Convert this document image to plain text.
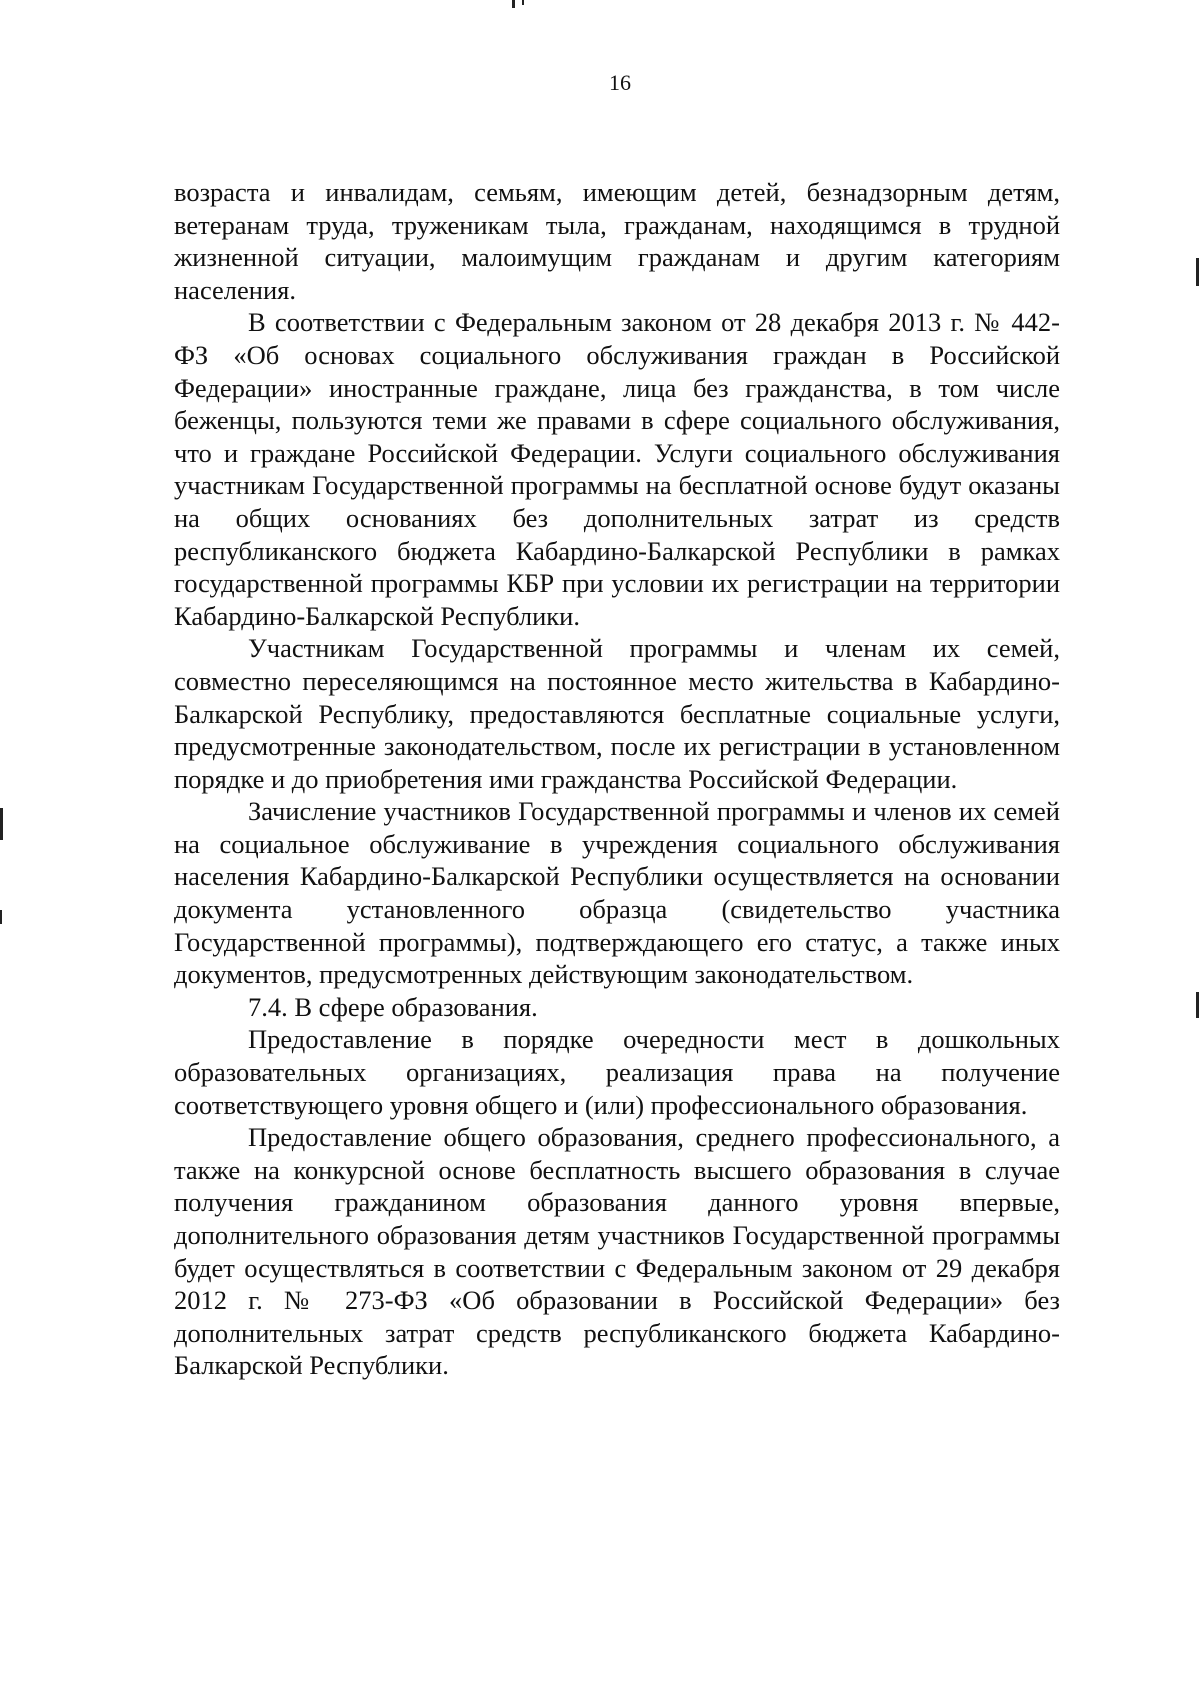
16

возраста и инвалидам, семьям, имеющим детей, безнадзорным детям, ветеранам труда, труженикам тыла, гражданам, находящимся в трудной жизненной ситуации, малоимущим гражданам и другим категориям населения.

В соответствии с Федеральным законом от 28 декабря 2013 г. № 442-ФЗ «Об основах социального обслуживания граждан в Российской Федерации» иностранные граждане, лица без гражданства, в том числе беженцы, пользуются теми же правами в сфере социального обслуживания, что и граждане Российской Федерации. Услуги социального обслуживания участникам Государственной программы на бесплатной основе будут оказаны на общих основаниях без дополнительных затрат из средств республиканского бюджета Кабардино-Балкарской Республики в рамках государственной программы КБР при условии их регистрации на территории Кабардино-Балкарской Республики.

Участникам Государственной программы и членам их семей, совместно переселяющимся на постоянное место жительства в Кабардино-Балкарской Республику, предоставляются бесплатные социальные услуги, предусмотренные законодательством, после их регистрации в установленном порядке и до приобретения ими гражданства Российской Федерации.

Зачисление участников Государственной программы и членов их семей на социальное обслуживание в учреждения социального обслуживания населения Кабардино-Балкарской Республики осуществляется на основании документа установленного образца (свидетельство участника Государственной программы), подтверждающего его статус, а также иных документов, предусмотренных действующим законодательством.

7.4. В сфере образования.

Предоставление в порядке очередности мест в дошкольных образовательных организациях, реализация права на получение соответствующего уровня общего и (или) профессионального образования.

Предоставление общего образования, среднего профессионального, а также на конкурсной основе бесплатность высшего образования в случае получения гражданином образования данного уровня впервые, дополнительного образования детям участников Государственной программы будет осуществляться в соответствии с Федеральным законом от 29 декабря 2012 г. № 273-ФЗ «Об образовании в Российской Федерации» без дополнительных затрат средств республиканского бюджета Кабардино-Балкарской Республики.
